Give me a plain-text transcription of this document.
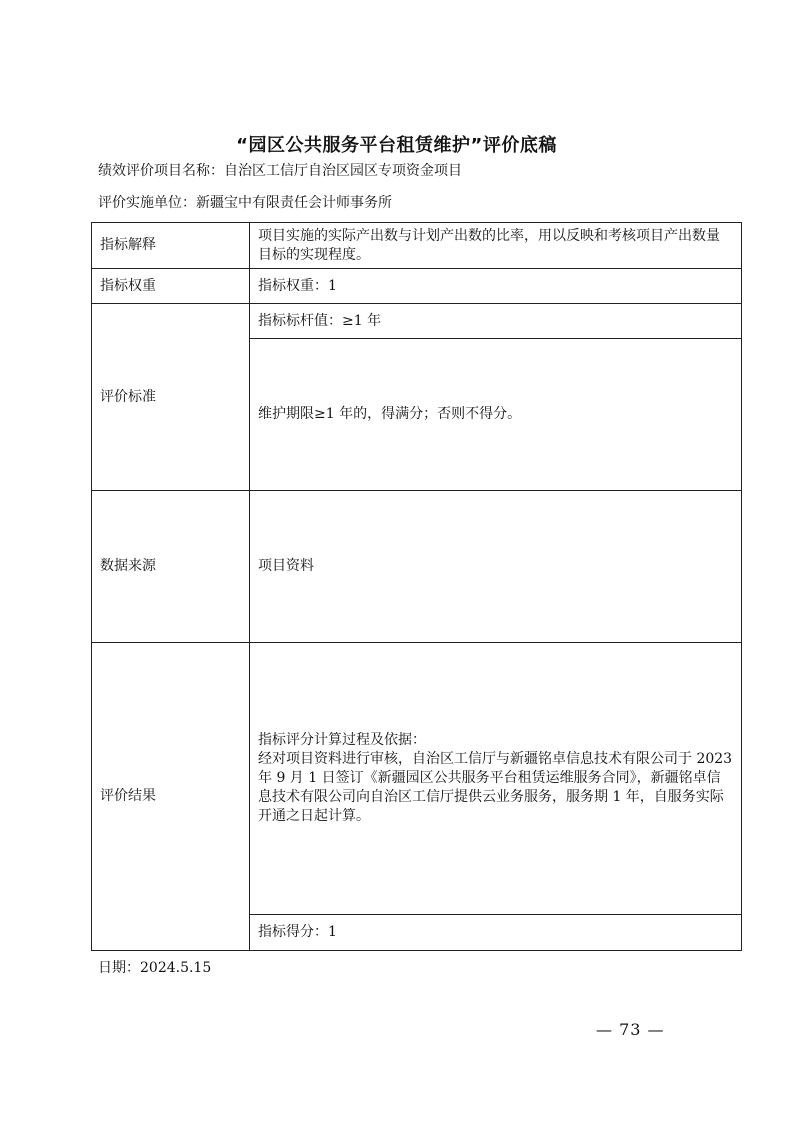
“园区公共服务平台租赁维护”评价底稿
绩效评价项目名称：自治区工信厅自治区园区专项资金项目
评价实施单位：新疆宝中有限责任会计师事务所
指标解释	项目实施的实际产出数与计划产出数的比率，用以反映和考核项目产出数量目标的实现程度。
指标权重	指标权重：1
评价标准	指标标杆值：≥1 年
	维护期限≥1 年的，得满分；否则不得分。
数据来源	项目资料
评价结果	指标评分计算过程及依据：
经对项目资料进行审核，自治区工信厅与新疆铭卓信息技术有限公司于 2023 年 9 月 1 日签订《新疆园区公共服务平台租赁运维服务合同》，新疆铭卓信息技术有限公司向自治区工信厅提供云业务服务，服务期 1 年，自服务实际开通之日起计算。

	指标得分：1
日期：2024.5.15
— 73 —
